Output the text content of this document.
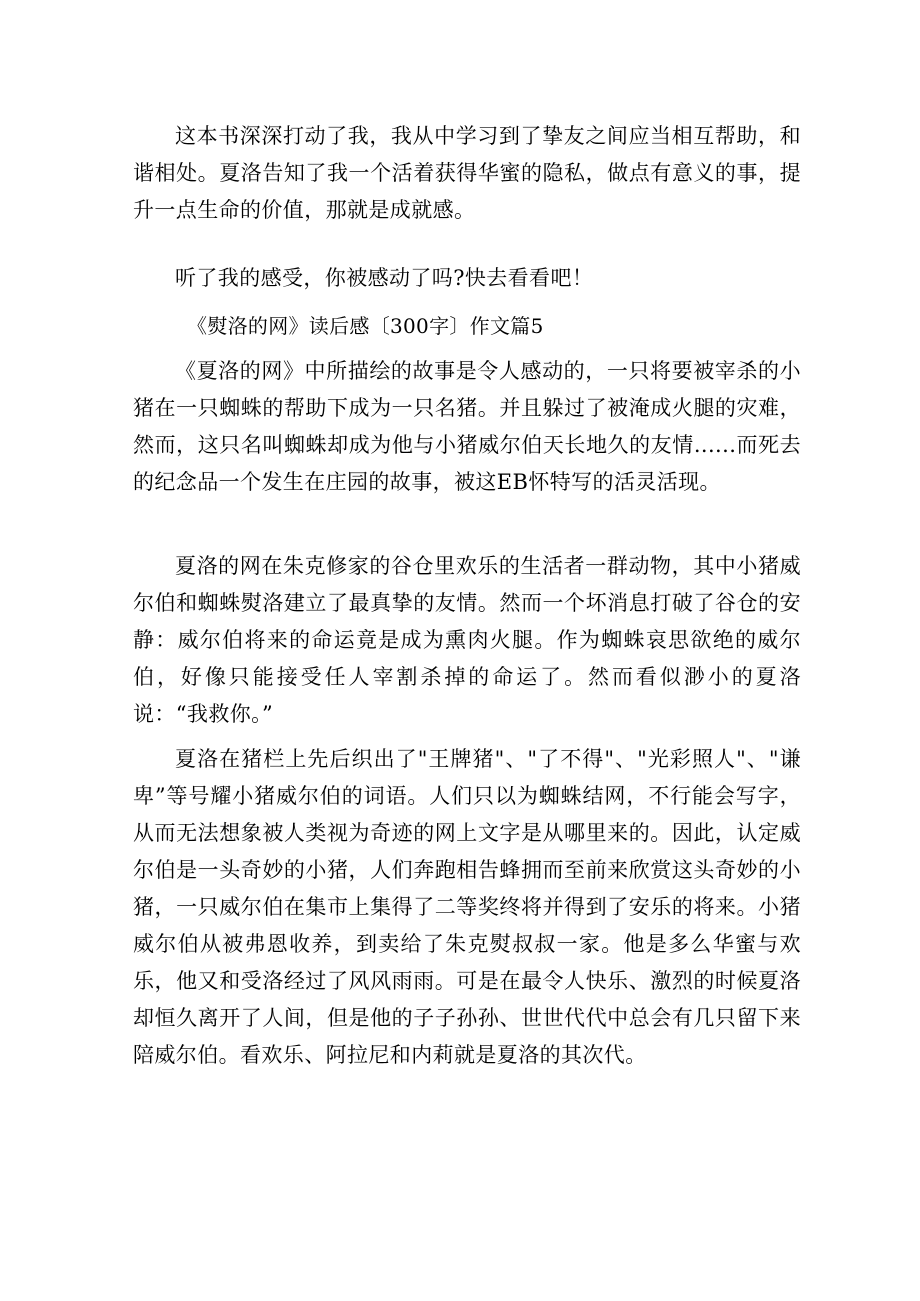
这本书深深打动了我，我从中学习到了挚友之间应当相互帮助，和谐相处。夏洛告知了我一个活着获得华蜜的隐私，做点有意义的事，提升一点生命的价值，那就是成就感。

听了我的感受，你被感动了吗?快去看看吧！

《熨洛的网》读后感〔300字〕作文篇5

《夏洛的网》中所描绘的故事是令人感动的，一只将要被宰杀的小猪在一只蜘蛛的帮助下成为一只名猪。并且躲过了被淹成火腿的灾难，然而，这只名叫蜘蛛却成为他与小猪威尔伯天长地久的友情......而死去的纪念品一个发生在庄园的故事，被这EB怀特写的活灵活现。

夏洛的网在朱克修家的谷仓里欢乐的生活者一群动物，其中小猪威尔伯和蜘蛛熨洛建立了最真挚的友情。然而一个坏消息打破了谷仓的安静：威尔伯将来的命运竟是成为熏肉火腿。作为蜘蛛哀思欲绝的威尔伯，好像只能接受任人宰割杀掉的命运了。然而看似渺小的夏洛说：“我救你。”

夏洛在猪栏上先后织出了"王牌猪"、"了不得"、"光彩照人"、"谦卑”等号耀小猪威尔伯的词语。人们只以为蜘蛛结网，不行能会写字，从而无法想象被人类视为奇迹的网上文字是从哪里来的。因此，认定威尔伯是一头奇妙的小猪，人们奔跑相告蜂拥而至前来欣赏这头奇妙的小猪，一只威尔伯在集市上集得了二等奖终将并得到了安乐的将来。小猪威尔伯从被弗恩收养，到卖给了朱克熨叔叔一家。他是多么华蜜与欢乐，他又和受洛经过了风风雨雨。可是在最令人快乐、激烈的时候夏洛却恒久离开了人间，但是他的子子孙孙、世世代代中总会有几只留下来陪威尔伯。看欢乐、阿拉尼和内莉就是夏洛的其次代。
